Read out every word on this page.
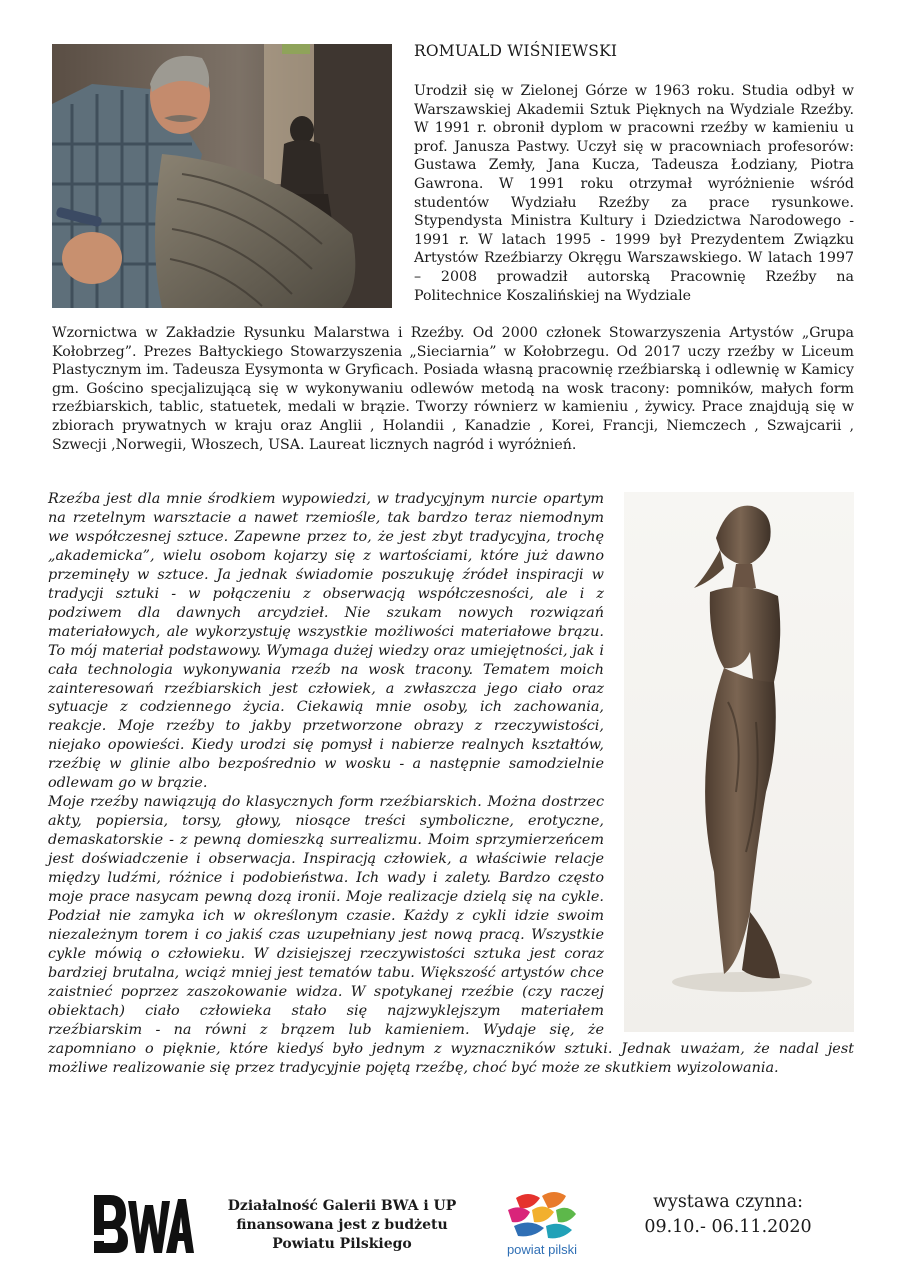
ROMUALD WIŚNIEWSKI

Urodził się w Zielonej Górze w 1963 roku. Studia odbył w Warszawskiej Akademii Sztuk Pięknych na Wydziale Rzeźby. W 1991 r. obronił dyplom w pracowni rzeźby w kamieniu u prof. Janusza Pastwy. Uczył się w pracowniach profesorów: Gustawa Zemły, Jana Kucza, Tadeusza Łodziany, Piotra Gawrona. W 1991 roku otrzymał wyróżnienie wśród studentów Wydziału Rzeźby za prace rysunkowe. Stypendysta Ministra Kultury i Dziedzictwa Narodowego - 1991 r. W latach 1995 - 1999 był Prezydentem Związku Artystów Rzeźbiarzy Okręgu Warszawskiego. W latach 1997 – 2008 prowadził autorską Pracownię Rzeźby na Politechnice Koszalińskiej na Wydziale

Wzornictwa w Zakładzie Rysunku Malarstwa i Rzeźby. Od 2000 członek Stowarzyszenia Artystów „Grupa Kołobrzeg”. Prezes Bałtyckiego Stowarzyszenia „Sieciarnia” w Kołobrzegu. Od 2017 uczy rzeźby w Liceum Plastycznym im. Tadeusza Eysymonta w Gryficach. Posiada własną pracownię rzeźbiarską i odlewnię w Kamicy gm. Gościno specjalizującą się w wykonywaniu odlewów metodą na wosk tracony: pomników, małych form rzeźbiarskich, tablic, statuetek, medali w brązie. Tworzy równierz w kamieniu , żywicy. Prace znajdują się w zbiorach prywatnych w kraju oraz Anglii , Holandii , Kanadzie , Korei, Francji, Niemczech , Szwajcarii , Szwecji ,Norwegii, Włoszech, USA. Laureat licznych nagród i wyróżnień.

Rzeźba jest dla mnie środkiem wypowiedzi, w tradycyjnym nurcie opartym na rzetelnym warsztacie a nawet rzemiośle, tak bardzo teraz niemodnym we współczesnej sztuce. Zapewne przez to, że jest zbyt tradycyjna, trochę „akademicka”, wielu osobom kojarzy się z wartościami, które już dawno przeminęły w sztuce. Ja jednak świadomie poszukuję źródeł inspiracji w tradycji sztuki - w połączeniu z obserwacją współczesności, ale i z podziwem dla dawnych arcydzieł. Nie szukam nowych rozwiązań materiałowych, ale wykorzystuję wszystkie możliwości materiałowe brązu. To mój materiał podstawowy. Wymaga dużej wiedzy oraz umiejętności, jak i cała technologia wykonywania rzeźb na wosk tracony. Tematem moich zainteresowań rzeźbiarskich jest człowiek, a zwłaszcza jego ciało oraz sytuacje z codziennego życia. Ciekawią mnie osoby, ich zachowania, reakcje. Moje rzeźby to jakby przetworzone obrazy z rzeczywistości, niejako opowieści. Kiedy urodzi się pomysł i nabierze realnych kształtów, rzeźbię w glinie albo bezpośrednio w wosku - a następnie samodzielnie odlewam go w brązie.

Moje rzeźby nawiązują do klasycznych form rzeźbiarskich. Można dostrzec akty, popiersia, torsy, głowy, niosące treści symboliczne, erotyczne, demaskatorskie - z pewną domieszką surrealizmu. Moim sprzymierzeńcem jest doświadczenie i obserwacja. Inspiracją człowiek, a właściwie relacje między ludźmi, różnice i podobieństwa. Ich wady i zalety. Bardzo często moje prace nasycam pewną dozą ironii. Moje realizacje dzielą się na cykle. Podział nie zamyka ich w określonym czasie. Każdy z cykli idzie swoim niezależnym torem i co jakiś czas uzupełniany jest nową pracą. Wszystkie cykle mówią o człowieku. W dzisiejszej rzeczywistości sztuka jest coraz bardziej brutalna, wciąż mniej jest tematów tabu. Większość artystów chce zaistnieć poprzez zaszokowanie widza. W spotykanej rzeźbie (czy raczej obiektach) ciało człowieka stało się najzwyklejszym materiałem rzeźbiarskim - na równi z brązem lub kamieniem. Wydaje się, że zapomniano o pięknie, które kiedyś było jednym z wyznaczników sztuki. Jednak uważam, że nadal jest możliwe realizowanie się przez tradycyjnie pojętą rzeźbę, choć być może ze skutkiem wyizolowania.

Działalność Galerii BWA i UP finansowana jest z budżetu Powiatu Pilskiego	powiat pilski
wystawa czynna:
09.10.- 06.11.2020
